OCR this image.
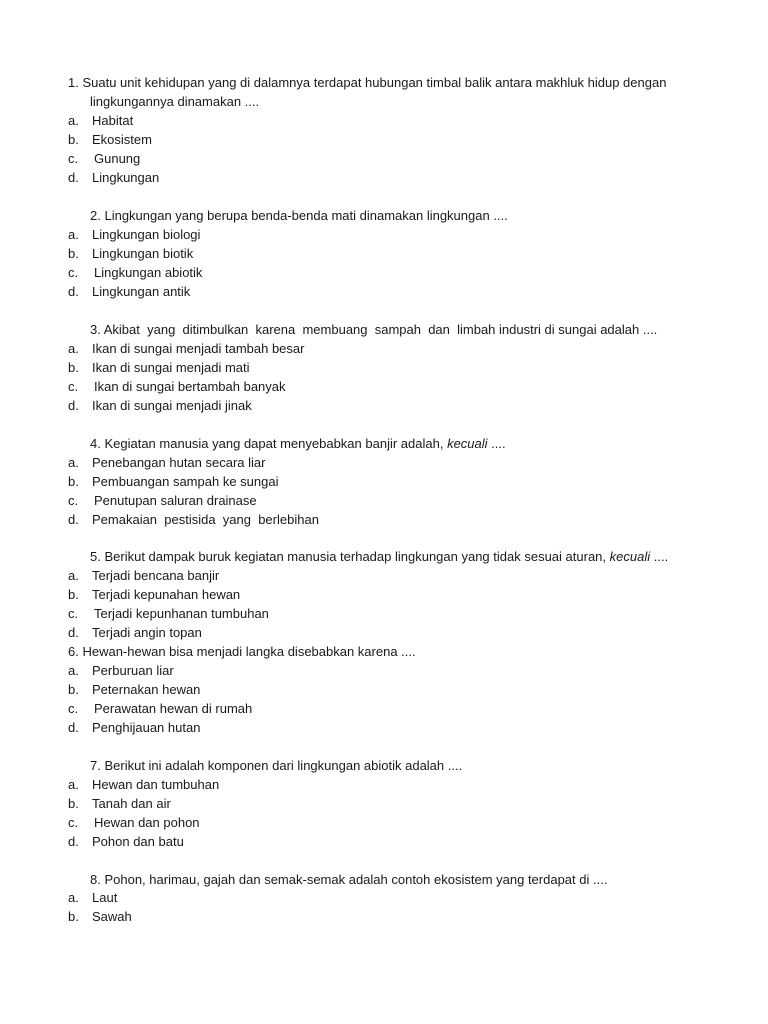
1. Suatu unit kehidupan yang di dalamnya terdapat hubungan timbal balik antara makhluk hidup dengan
lingkungannya dinamakan ....
a. Habitat
b. Ekosistem
c. Gunung
d. Lingkungan
2. Lingkungan yang berupa benda-benda mati dinamakan lingkungan ....
a. Lingkungan biologi
b. Lingkungan biotik
c. Lingkungan abiotik
d. Lingkungan antik
3. Akibat  yang  ditimbulkan  karena  membuang  sampah  dan  limbah industri di sungai adalah ....
a. Ikan di sungai menjadi tambah besar
b. Ikan di sungai menjadi mati
c. Ikan di sungai bertambah banyak
d. Ikan di sungai menjadi jinak
4. Kegiatan manusia yang dapat menyebabkan banjir adalah, kecuali ....
a. Penebangan hutan secara liar
b. Pembuangan sampah ke sungai
c. Penutupan saluran drainase
d. Pemakaian  pestisida  yang  berlebihan
5. Berikut dampak buruk kegiatan manusia terhadap lingkungan yang tidak sesuai aturan, kecuali ....
a. Terjadi bencana banjir
b. Terjadi kepunahan hewan
c. Terjadi kepunhanan tumbuhan
d. Terjadi angin topan
6. Hewan-hewan bisa menjadi langka disebabkan karena ....
a. Perburuan liar
b. Peternakan hewan
c. Perawatan hewan di rumah
d. Penghijauan hutan
7. Berikut ini adalah komponen dari lingkungan abiotik adalah ....
a. Hewan dan tumbuhan
b. Tanah dan air
c. Hewan dan pohon
d. Pohon dan batu
8. Pohon, harimau, gajah dan semak-semak adalah contoh ekosistem yang terdapat di ....
a. Laut
b. Sawah
